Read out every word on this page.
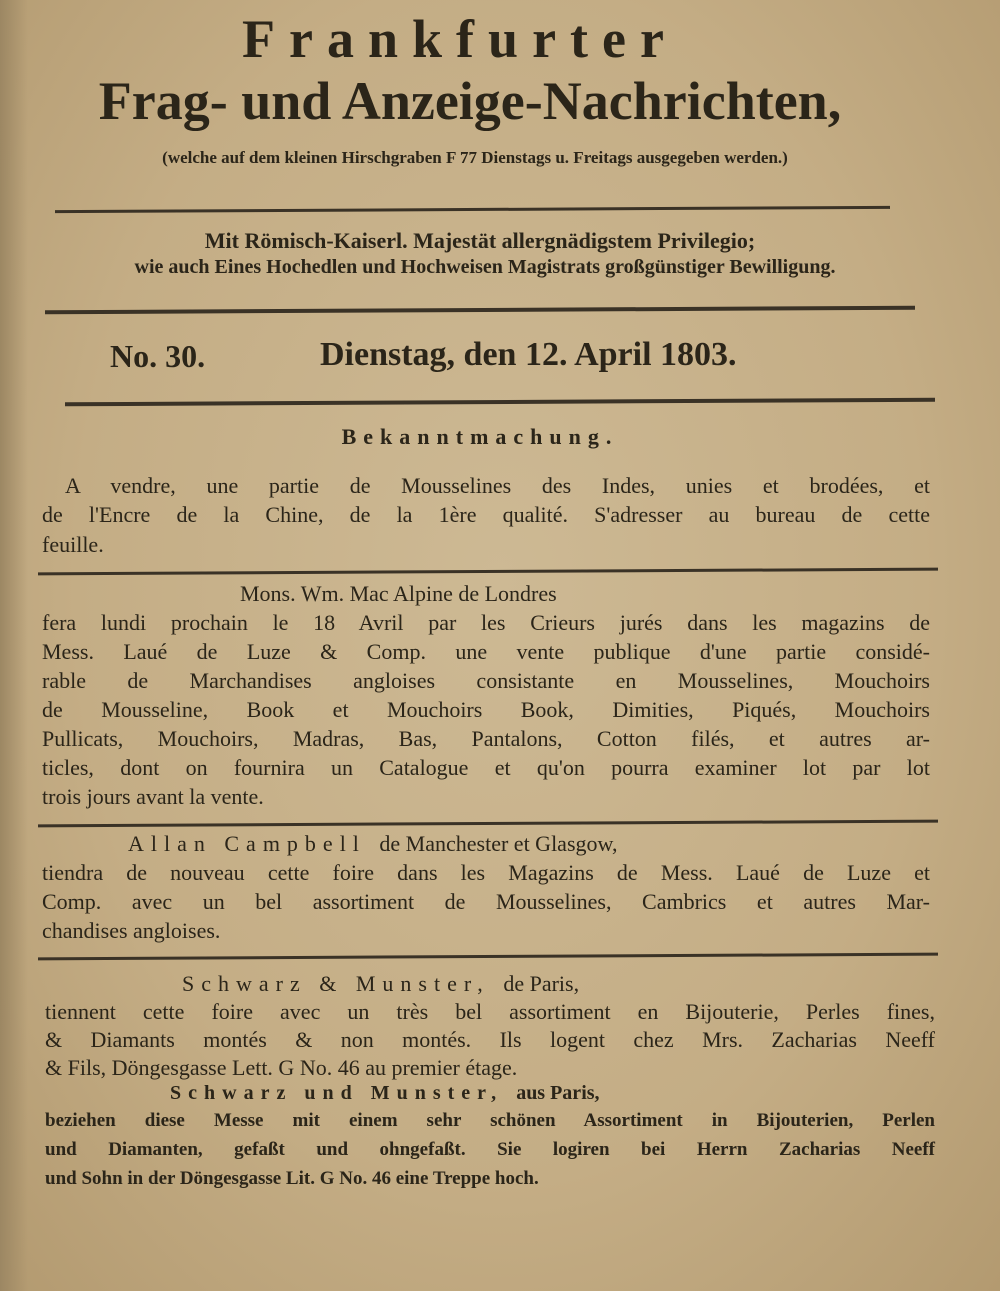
Frankfurter
Frag- und Anzeige-Nachrichten,
(welche auf dem kleinen Hirschgraben F 77 Dienstags u. Freitags ausgegeben werden.)
Mit Römisch-Kaiserl. Majestät allergnädigstem Privilegio;
wie auch Eines Hochedlen und Hochweisen Magistrats großgünstiger Bewilligung.
No. 30.	Dienstag, den 12. April 1803.
Bekanntmachung.
A vendre, une partie de Mousselines des Indes, unies et brodées, et
de l'Encre de la Chine, de la 1ère qualité. S'adresser au bureau de cette
feuille.
Mons. Wm. Mac Alpine de Londres
fera lundi prochain le 18 Avril par les Crieurs jurés dans les magazins de
Mess. Laué de Luze & Comp. une vente publique d'une partie considé-
rable de Marchandises angloises consistante en Mousselines, Mouchoirs
de Mousseline, Book et Mouchoirs Book, Dimities, Piqués, Mouchoirs
Pullicats, Mouchoirs, Madras, Bas, Pantalons, Cotton filés, et autres ar-
ticles, dont on fournira un Catalogue et qu'on pourra examiner lot par lot
trois jours avant la vente.
Allan Campbell de Manchester et Glasgow,
tiendra de nouveau cette foire dans les Magazins de Mess. Laué de Luze et
Comp. avec un bel assortiment de Mousselines, Cambrics et autres Mar-
chandises angloises.
Schwarz & Munster, de Paris,
tiennent cette foire avec un très bel assortiment en Bijouterie, Perles fines,
& Diamants montés & non montés. Ils logent chez Mrs. Zacharias Neeff
& Fils, Döngesgasse Lett. G No. 46 au premier étage.
Schwarz und Munster, aus Paris,
beziehen diese Messe mit einem sehr schönen Assortiment in Bijouterien, Perlen
und Diamanten, gefaßt und ohngefaßt. Sie logiren bei Herrn Zacharias Neeff
und Sohn in der Döngesgasse Lit. G No. 46 eine Treppe hoch.
